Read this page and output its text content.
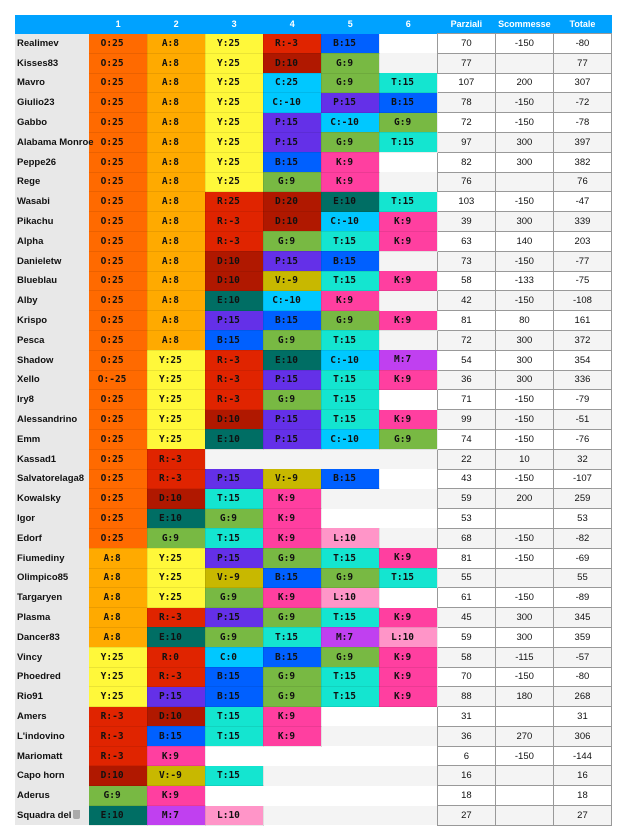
	1	2	3	4	5	6	Parziali	Scommesse	Totale
Realimev	O:25	A:8	Y:25	R:-3	B:15		70	-150	-80
Kisses83	O:25	A:8	Y:25	D:10	G:9		77		77
Mavro	O:25	A:8	Y:25	C:25	G:9	T:15	107	200	307
Giulio23	O:25	A:8	Y:25	C:-10	P:15	B:15	78	-150	-72
Gabbo	O:25	A:8	Y:25	P:15	C:-10	G:9	72	-150	-78
Alabama Monroe	O:25	A:8	Y:25	P:15	G:9	T:15	97	300	397
Peppe26	O:25	A:8	Y:25	B:15	K:9		82	300	382
Rege	O:25	A:8	Y:25	G:9	K:9		76		76
Wasabi	O:25	A:8	R:25	D:20	E:10	T:15	103	-150	-47
Pikachu	O:25	A:8	R:-3	D:10	C:-10	K:9	39	300	339
Alpha	O:25	A:8	R:-3	G:9	T:15	K:9	63	140	203
Danieletw	O:25	A:8	D:10	P:15	B:15		73	-150	-77
Blueblau	O:25	A:8	D:10	V:-9	T:15	K:9	58	-133	-75
Alby	O:25	A:8	E:10	C:-10	K:9		42	-150	-108
Krispo	O:25	A:8	P:15	B:15	G:9	K:9	81	80	161
Pesca	O:25	A:8	B:15	G:9	T:15		72	300	372
Shadow	O:25	Y:25	R:-3	E:10	C:-10	M:7	54	300	354
Xello	O:-25	Y:25	R:-3	P:15	T:15	K:9	36	300	336
Iry8	O:25	Y:25	R:-3	G:9	T:15		71	-150	-79
Alessandrino	O:25	Y:25	D:10	P:15	T:15	K:9	99	-150	-51
Emm	O:25	Y:25	E:10	P:15	C:-10	G:9	74	-150	-76
Kassad1	O:25	R:-3					22	10	32
Salvatorelaga8	O:25	R:-3	P:15	V:-9	B:15		43	-150	-107
Kowalsky	O:25	D:10	T:15	K:9			59	200	259
Igor	O:25	E:10	G:9	K:9			53		53
Edorf	O:25	G:9	T:15	K:9	L:10		68	-150	-82
Fiumediny	A:8	Y:25	P:15	G:9	T:15	K:9	81	-150	-69
Olimpico85	A:8	Y:25	V:-9	B:15	G:9	T:15	55		55
Targaryen	A:8	Y:25	G:9	K:9	L:10		61	-150	-89
Plasma	A:8	R:-3	P:15	G:9	T:15	K:9	45	300	345
Dancer83	A:8	E:10	G:9	T:15	M:7	L:10	59	300	359
Vincy	Y:25	R:0	C:0	B:15	G:9	K:9	58	-115	-57
Phoedred	Y:25	R:-3	B:15	G:9	T:15	K:9	70	-150	-80
Rio91	Y:25	P:15	B:15	G:9	T:15	K:9	88	180	268
Amers	R:-3	D:10	T:15	K:9			31		31
L'indovino	R:-3	B:15	T:15	K:9			36	270	306
Mariomatt	R:-3	K:9					6	-150	-144
Capo horn	D:10	V:-9	T:15				16		16
Aderus	G:9	K:9					18		18
Squadra del	E:10	M:7	L:10				27		27
